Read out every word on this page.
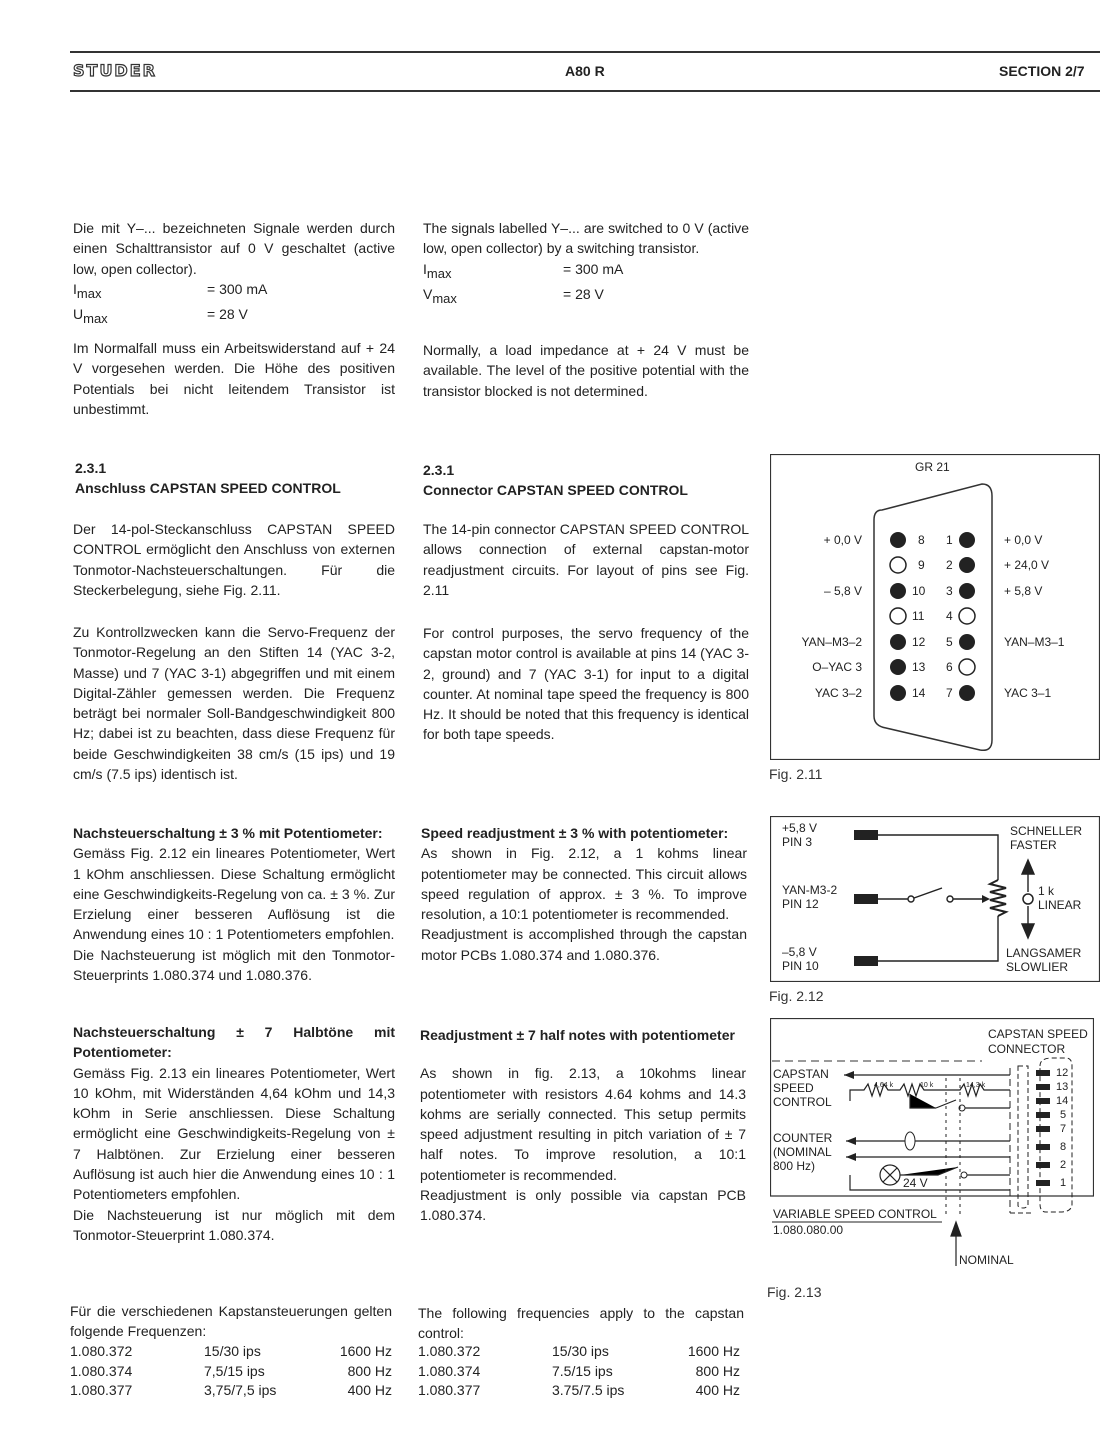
STUDER	A80 R	SECTION 2/7
Die mit Y–... bezeichneten Signale werden durch einen Schalttransistor auf 0 V geschaltet (active low, open collector).
$I_{max}$	= 300 mA
$U_{max}$	= 28 V
Im Normalfall muss ein Arbeitswiderstand auf + 24 V vorgesehen werden. Die Höhe des positiven Potentials bei nicht leitendem Transistor ist unbestimmt.
The signals labelled Y–... are switched to 0 V (active low, open collector) by a switching transistor.
$I_{max}$	= 300 mA
$V_{max}$	= 28 V
Normally, a load impedance at + 24 V must be available. The level of the positive potential with the transistor blocked is not determined.
2.3.1
Anschluss CAPSTAN SPEED CONTROL
2.3.1
Connector CAPSTAN SPEED CONTROL
Der 14-pol-Steckanschluss CAPSTAN SPEED CONTROL ermöglicht den Anschluss von externen Tonmotor-Nachsteuerschaltungen. Für die Steckerbelegung, siehe Fig. 2.11.
Zu Kontrollzwecken kann die Servo-Frequenz der Tonmotor-Regelung an den Stiften 14 (YAC 3-2, Masse) und 7 (YAC 3-1) abgegriffen und mit einem Digital-Zähler gemessen werden. Die Frequenz beträgt bei normaler Soll-Bandgeschwindigkeit 800 Hz; dabei ist zu beachten, dass diese Frequenz für beide Geschwindigkeiten 38 cm/s (15 ips) und 19 cm/s (7.5 ips) identisch ist.
The 14-pin connector CAPSTAN SPEED CONTROL allows connection of external capstan-motor readjustment circuits. For layout of pins see Fig. 2.11
For control purposes, the servo frequency of the capstan motor control is available at pins 14 (YAC 3-2, ground) and 7 (YAC 3-1) for input to a digital counter. At nominal tape speed the frequency is 800 Hz. It should be noted that this frequency is identical for both tape speeds.
Nachsteuerschaltung ± 3 % mit Potentiometer:
Gemäss Fig. 2.12 ein lineares Potentiometer, Wert 1 kOhm anschliessen. Diese Schaltung ermöglicht eine Geschwindigkeits-Regelung von ca. ± 3 %. Zur Erzielung einer besseren Auflösung ist die Anwendung eines 10 : 1 Potentiometers empfohlen.
Die Nachsteuerung ist möglich mit den Tonmotor-Steuerprints 1.080.374 und 1.080.376.
Speed readjustment ± 3 % with potentiometer:
As shown in Fig. 2.12, a 1 kohms linear potentiometer may be connected. This circuit allows speed regulation of approx. ± 3 %. To improve resolution, a 10:1 potentiometer is recommended.
Readjustment is accomplished through the capstan motor PCBs 1.080.374 and 1.080.376.
Nachsteuerschaltung ± 7 Halbtöne mit Potentiometer:
Gemäss Fig. 2.13 ein lineares Potentiometer, Wert 10 kOhm, mit Widerständen 4,64 kOhm und 14,3 kOhm in Serie anschliessen. Diese Schaltung ermöglicht eine Geschwindigkeits-Regelung von ± 7 Halbtönen. Zur Erzielung einer besseren Auflösung ist auch hier die Anwendung eines 10 : 1 Potentiometers empfohlen.
Die Nachsteuerung ist nur möglich mit dem Tonmotor-Steuerprint 1.080.374.
Readjustment ± 7 half notes with potentiometer
As shown in fig. 2.13, a 10kohms linear potentiometer with resistors 4.64 kohms and 14.3 kohms are serially connected. This setup permits speed adjustment resulting in pitch variation of ± 7 half notes. To improve resolution, a 10:1 potentiometer is recommended.
Readjustment is only possible via capstan PCB 1.080.374.
Für die verschiedenen Kapstansteuerungen gelten folgende Frequenzen:
1.080.372	15/30 ips	1600 Hz
1.080.374	7,5/15 ips	800 Hz
1.080.377	3,75/7,5 ips	400 Hz
The following frequencies apply to the capstan control:
1.080.372	15/30 ips	1600 Hz
1.080.374	7.5/15 ips	800 Hz
1.080.377	3.75/7.5 ips	400 Hz
GR 21
+ 0,0 V
– 5,8 V
YAN–M3–2
O–YAC 3
YAC 3–2
+ 0,0 V
+ 24,0 V
+ 5,8 V
YAN–M3–1
YAC 3–1
8
9
10
11
12
13
14
1
2
3
4
5
6
7
Fig. 2.11
+5,8 V
PIN 3
YAN-M3-2
PIN 12
–5,8 V
PIN 10
SCHNELLER
FASTER
1 k
LINEAR
LANGSAMER
SLOWLIER
Fig. 2.12
CAPSTAN SPEED
CONNECTOR
CAPSTAN
SPEED
CONTROL
COUNTER
(NOMINAL
800 Hz)
4,64 k	10 k	14,3 k
24 V
12
13
14
5
7
8
2
1
VARIABLE SPEED CONTROL
1.080.080.00
NOMINAL
Fig. 2.13
